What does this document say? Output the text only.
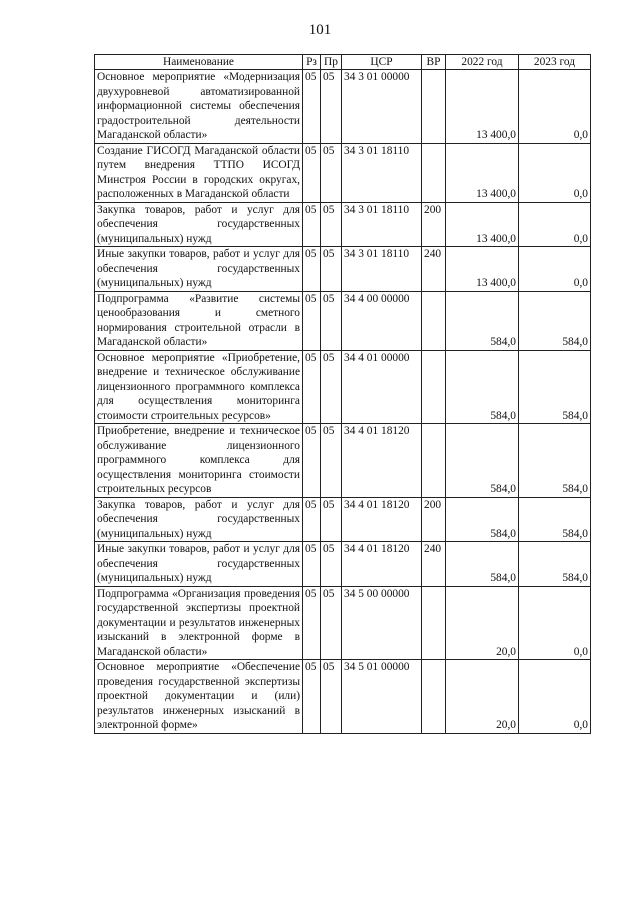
101
Наименование	Рз	Пр	ЦСР	ВР	2022 год	2023 год
Основное мероприятие «Модернизация двухуровневой автоматизированной информационной системы обеспечения градостроительной деятельности Магаданской области»	05	05	34 3 01 00000		13 400,0	0,0
Создание ГИСОГД Магаданской области путем внедрения ТТПО ИСОГД Минстроя России в городских округах, расположенных в Магаданской области	05	05	34 3 01 18110		13 400,0	0,0
Закупка товаров, работ и услуг для обеспечения государственных (муниципальных) нужд	05	05	34 3 01 18110	200	13 400,0	0,0
Иные закупки товаров, работ и услуг для обеспечения государственных (муниципальных) нужд	05	05	34 3 01 18110	240	13 400,0	0,0
Подпрограмма «Развитие системы ценообразования и сметного нормирования строительной отрасли в Магаданской области»	05	05	34 4 00 00000		584,0	584,0
Основное мероприятие «Приобретение, внедрение и техническое обслуживание лицензионного программного комплекса для осуществления мониторинга стоимости строительных ресурсов»	05	05	34 4 01 00000		584,0	584,0
Приобретение, внедрение и техническое обслуживание лицензионного программного комплекса для осуществления мониторинга стоимости строительных ресурсов	05	05	34 4 01 18120		584,0	584,0
Закупка товаров, работ и услуг для обеспечения государственных (муниципальных) нужд	05	05	34 4 01 18120	200	584,0	584,0
Иные закупки товаров, работ и услуг для обеспечения государственных (муниципальных) нужд	05	05	34 4 01 18120	240	584,0	584,0
Подпрограмма «Организация проведения государственной экспертизы проектной документации и результатов инженерных изысканий в электронной форме в Магаданской области»	05	05	34 5 00 00000		20,0	0,0
Основное мероприятие «Обеспечение проведения государственной экспертизы проектной документации и (или) результатов инженерных изысканий в электронной форме»	05	05	34 5 01 00000		20,0	0,0
